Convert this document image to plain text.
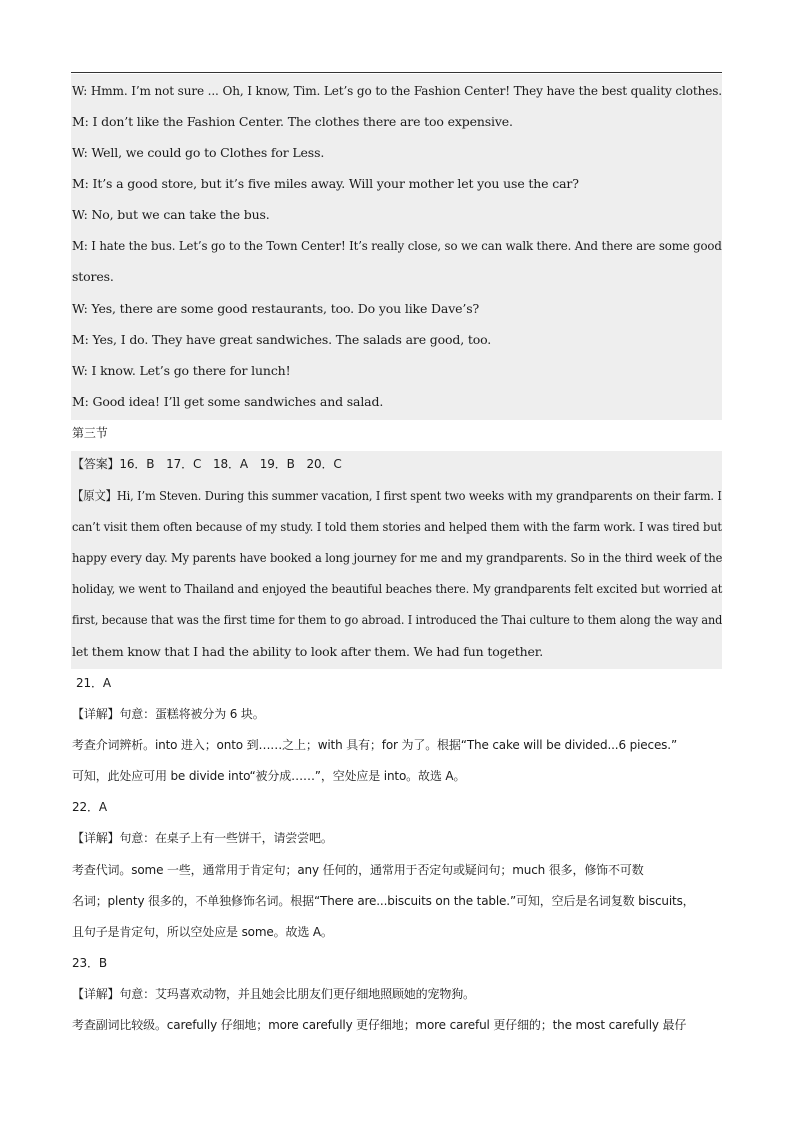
W: Hmm. I’m not sure ... Oh, I know, Tim. Let’s go to the Fashion Center! They have the best quality clothes.
M: I don’t like the Fashion Center. The clothes there are too expensive.
W: Well, we could go to Clothes for Less.
M: It’s a good store, but it’s five miles away. Will your mother let you use the car?
W: No, but we can take the bus.
M: I hate the bus. Let’s go to the Town Center! It’s really close, so we can walk there. And there are some good
stores.
W: Yes, there are some good restaurants, too. Do you like Dave’s?
M: Yes, I do. They have great sandwiches. The salads are good, too.
W: I know. Let’s go there for lunch!
M: Good idea! I’ll get some sandwiches and salad.
第三节
【答案】16．B　17．C　18．A　19．B　20．C
【原文】Hi, I’m Steven. During this summer vacation, I first spent two weeks with my grandparents on their farm. I
can’t visit them often because of my study. I told them stories and helped them with the farm work. I was tired but
happy every day. My parents have booked a long journey for me and my grandparents. So in the third week of the
holiday, we went to Thailand and enjoyed the beautiful beaches there. My grandparents felt excited but worried at
first, because that was the first time for them to go abroad. I introduced the Thai culture to them along the way and
let them know that I had the ability to look after them. We had fun together.
21．A
【详解】句意：蛋糕将被分为 6 块。
考查介词辨析。into 进入；onto 到……之上；with 具有；for 为了。根据“The cake will be divided...6 pieces.”
可知，此处应可用 be divide into“被分成……”，空处应是 into。故选 A。
22．A
【详解】句意：在桌子上有一些饼干，请尝尝吧。
考查代词。some 一些，通常用于肯定句；any 任何的，通常用于否定句或疑问句；much 很多，修饰不可数
名词；plenty 很多的，不单独修饰名词。根据“There are...biscuits on the table.”可知，空后是名词复数 biscuits，
且句子是肯定句，所以空处应是 some。故选 A。
23．B
【详解】句意：艾玛喜欢动物，并且她会比朋友们更仔细地照顾她的宠物狗。
考查副词比较级。carefully 仔细地；more carefully 更仔细地；more careful 更仔细的；the most carefully 最仔
